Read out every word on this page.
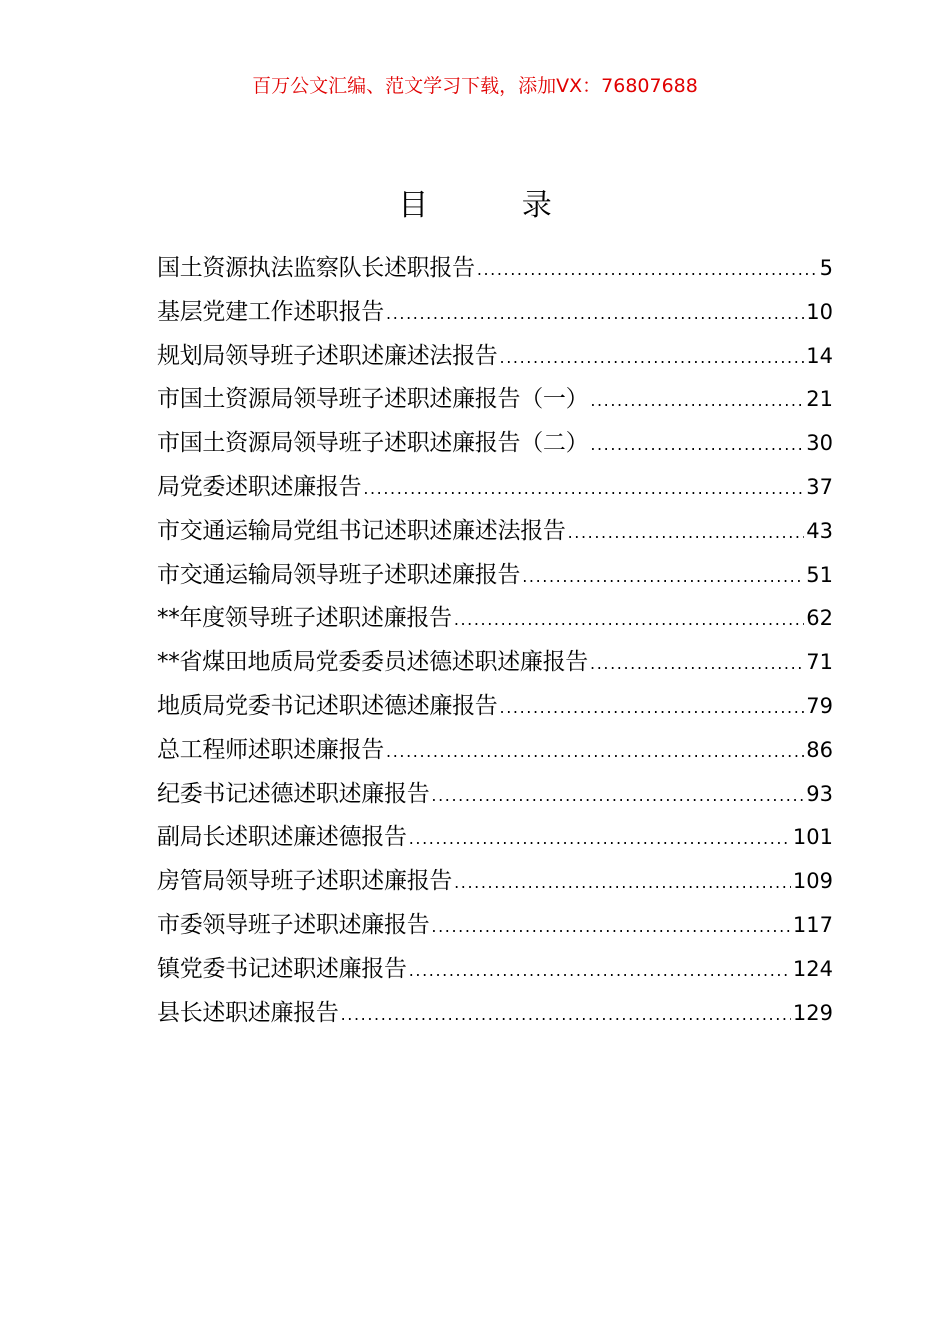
百万公文汇编、范文学习下载，添加VX：76807688
目 录
国土资源执法监察队长述职报告 .....	5
基层党建工作述职报告 .....	10
规划局领导班子述职述廉述法报告 .....	14
市国土资源局领导班子述职述廉报告（一） .....	21
市国土资源局领导班子述职述廉报告（二） .....	30
局党委述职述廉报告 .....	37
市交通运输局党组书记述职述廉述法报告 .....	43
市交通运输局领导班子述职述廉报告 .....	51
**年度领导班子述职述廉报告 .....	62
**省煤田地质局党委委员述德述职述廉报告 .....	71
地质局党委书记述职述德述廉报告 .....	79
总工程师述职述廉报告 .....	86
纪委书记述德述职述廉报告 .....	93
副局长述职述廉述德报告 .....	101
房管局领导班子述职述廉报告 .....	109
市委领导班子述职述廉报告 .....	117
镇党委书记述职述廉报告 .....	124
县长述职述廉报告 .....	129
